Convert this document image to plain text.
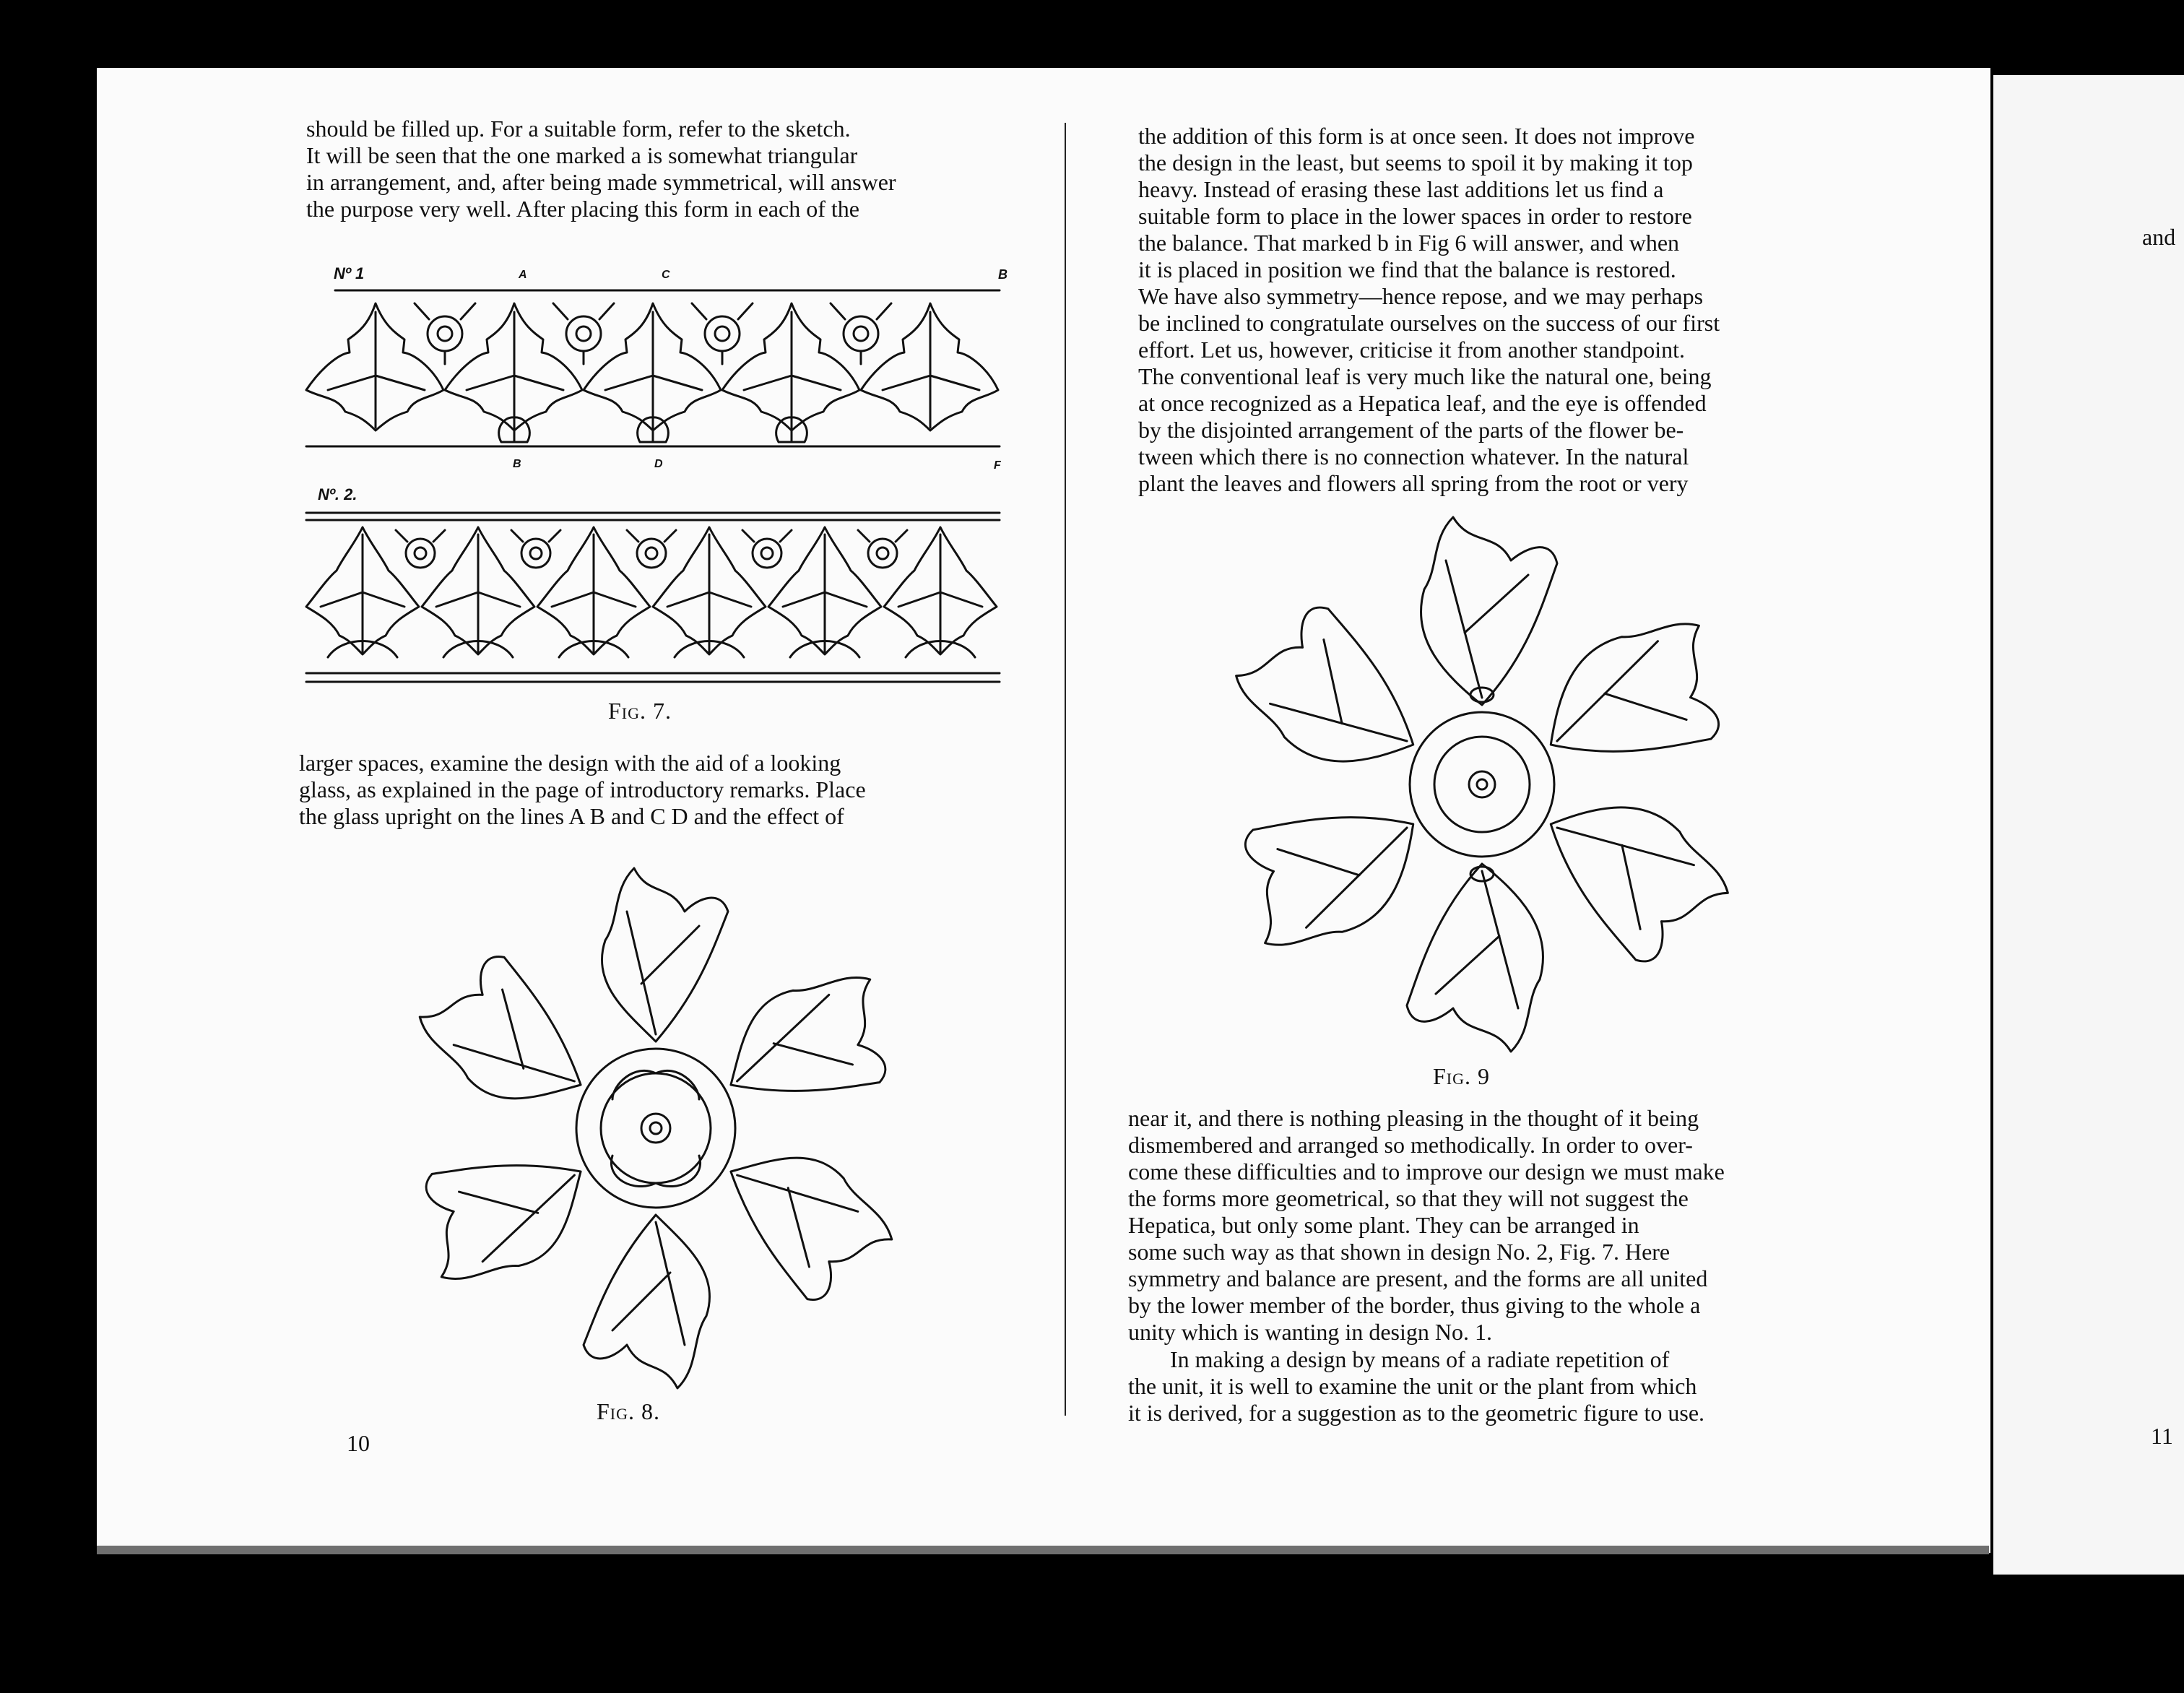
should be filled up. For a suitable form, refer to the sketch.

It will be seen that the one marked a is somewhat triangular

in arrangement, and, after being made symmetrical, will answer

the purpose very well. After placing this form in each of the

Nº 1	A	C	B
B	D	F
Nº. 2.
Fig. 7.

larger spaces, examine the design with the aid of a looking

glass, as explained in the page of introductory remarks. Place

the glass upright on the lines A B and C D and the effect of

Fig. 8.
10

the addition of this form is at once seen. It does not improve

the design in the least, but seems to spoil it by making it top

heavy. Instead of erasing these last additions let us find a

suitable form to place in the lower spaces in order to restore

the balance. That marked b in Fig 6 will answer, and when

it is placed in position we find that the balance is restored.

We have also symmetry—hence repose, and we may perhaps

be inclined to congratulate ourselves on the success of our first

effort. Let us, however, criticise it from another standpoint.

The conventional leaf is very much like the natural one, being

at once recognized as a Hepatica leaf, and the eye is offended

by the disjointed arrangement of the parts of the flower be-

tween which there is no connection whatever. In the natural

plant the leaves and flowers all spring from the root or very

Fig. 9

near it, and there is nothing pleasing in the thought of it being

dismembered and arranged so methodically. In order to over-

come these difficulties and to improve our design we must make

the forms more geometrical, so that they will not suggest the

Hepatica, but only some plant. They can be arranged in

some such way as that shown in design No. 2, Fig. 7. Here

symmetry and balance are present, and the forms are all united

by the lower member of the border, thus giving to the whole a

unity which is wanting in design No. 1.

In making a design by means of a radiate repetition of

the unit, it is well to examine the unit or the plant from which

it is derived, for a suggestion as to the geometric figure to use.

and
11
